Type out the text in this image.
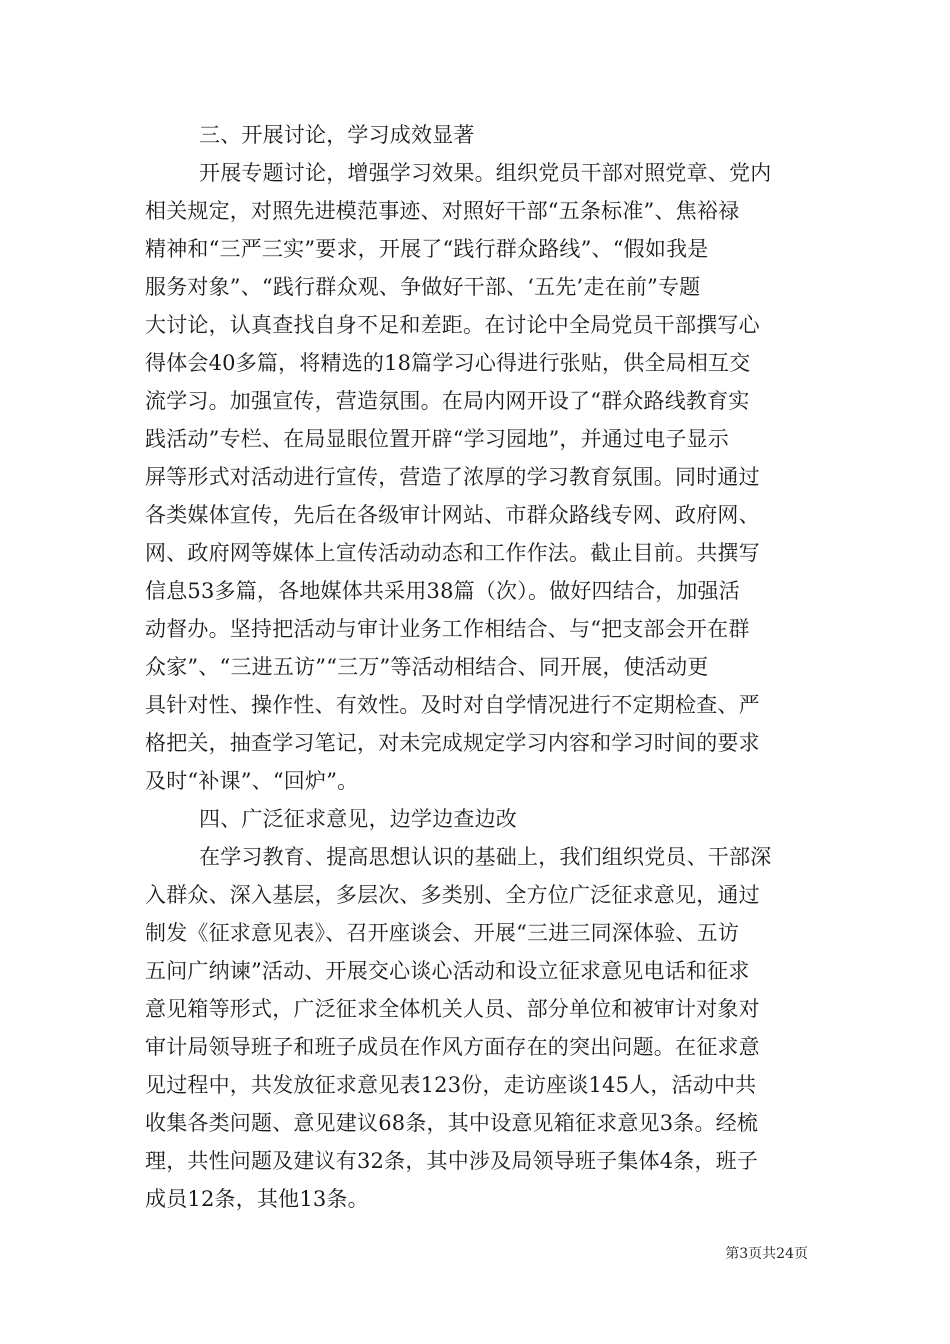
三、开展讨论，学习成效显著
开展专题讨论，增强学习效果。组织党员干部对照党章、党内
相关规定，对照先进模范事迹、对照好干部“五条标准”、焦裕禄
精神和“三严三实”要求，开展了“践行群众路线”、“假如我是
服务对象”、“践行群众观、争做好干部、‘五先’走在前”专题
大讨论，认真查找自身不足和差距。在讨论中全局党员干部撰写心
得体会40多篇，将精选的18篇学习心得进行张贴，供全局相互交
流学习。加强宣传，营造氛围。在局内网开设了“群众路线教育实
践活动”专栏、在局显眼位置开辟“学习园地”，并通过电子显示
屏等形式对活动进行宣传，营造了浓厚的学习教育氛围。同时通过
各类媒体宣传，先后在各级审计网站、市群众路线专网、政府网、
网、政府网等媒体上宣传活动动态和工作作法。截止目前。共撰写
信息53多篇，各地媒体共采用38篇（次）。做好四结合，加强活
动督办。坚持把活动与审计业务工作相结合、与“把支部会开在群
众家”、“三进五访”“三万”等活动相结合、同开展，使活动更
具针对性、操作性、有效性。及时对自学情况进行不定期检查、严
格把关，抽查学习笔记，对未完成规定学习内容和学习时间的要求
及时“补课”、“回炉”。
四、广泛征求意见，边学边查边改
在学习教育、提高思想认识的基础上，我们组织党员、干部深
入群众、深入基层，多层次、多类别、全方位广泛征求意见，通过
制发《征求意见表》、召开座谈会、开展“三进三同深体验、五访
五问广纳谏”活动、开展交心谈心活动和设立征求意见电话和征求
意见箱等形式，广泛征求全体机关人员、部分单位和被审计对象对
审计局领导班子和班子成员在作风方面存在的突出问题。在征求意
见过程中，共发放征求意见表123份，走访座谈145人，活动中共
收集各类问题、意见建议68条，其中设意见箱征求意见3条。经梳
理，共性问题及建议有32条，其中涉及局领导班子集体4条，班子
成员12条，其他13条。
第3页共24页
